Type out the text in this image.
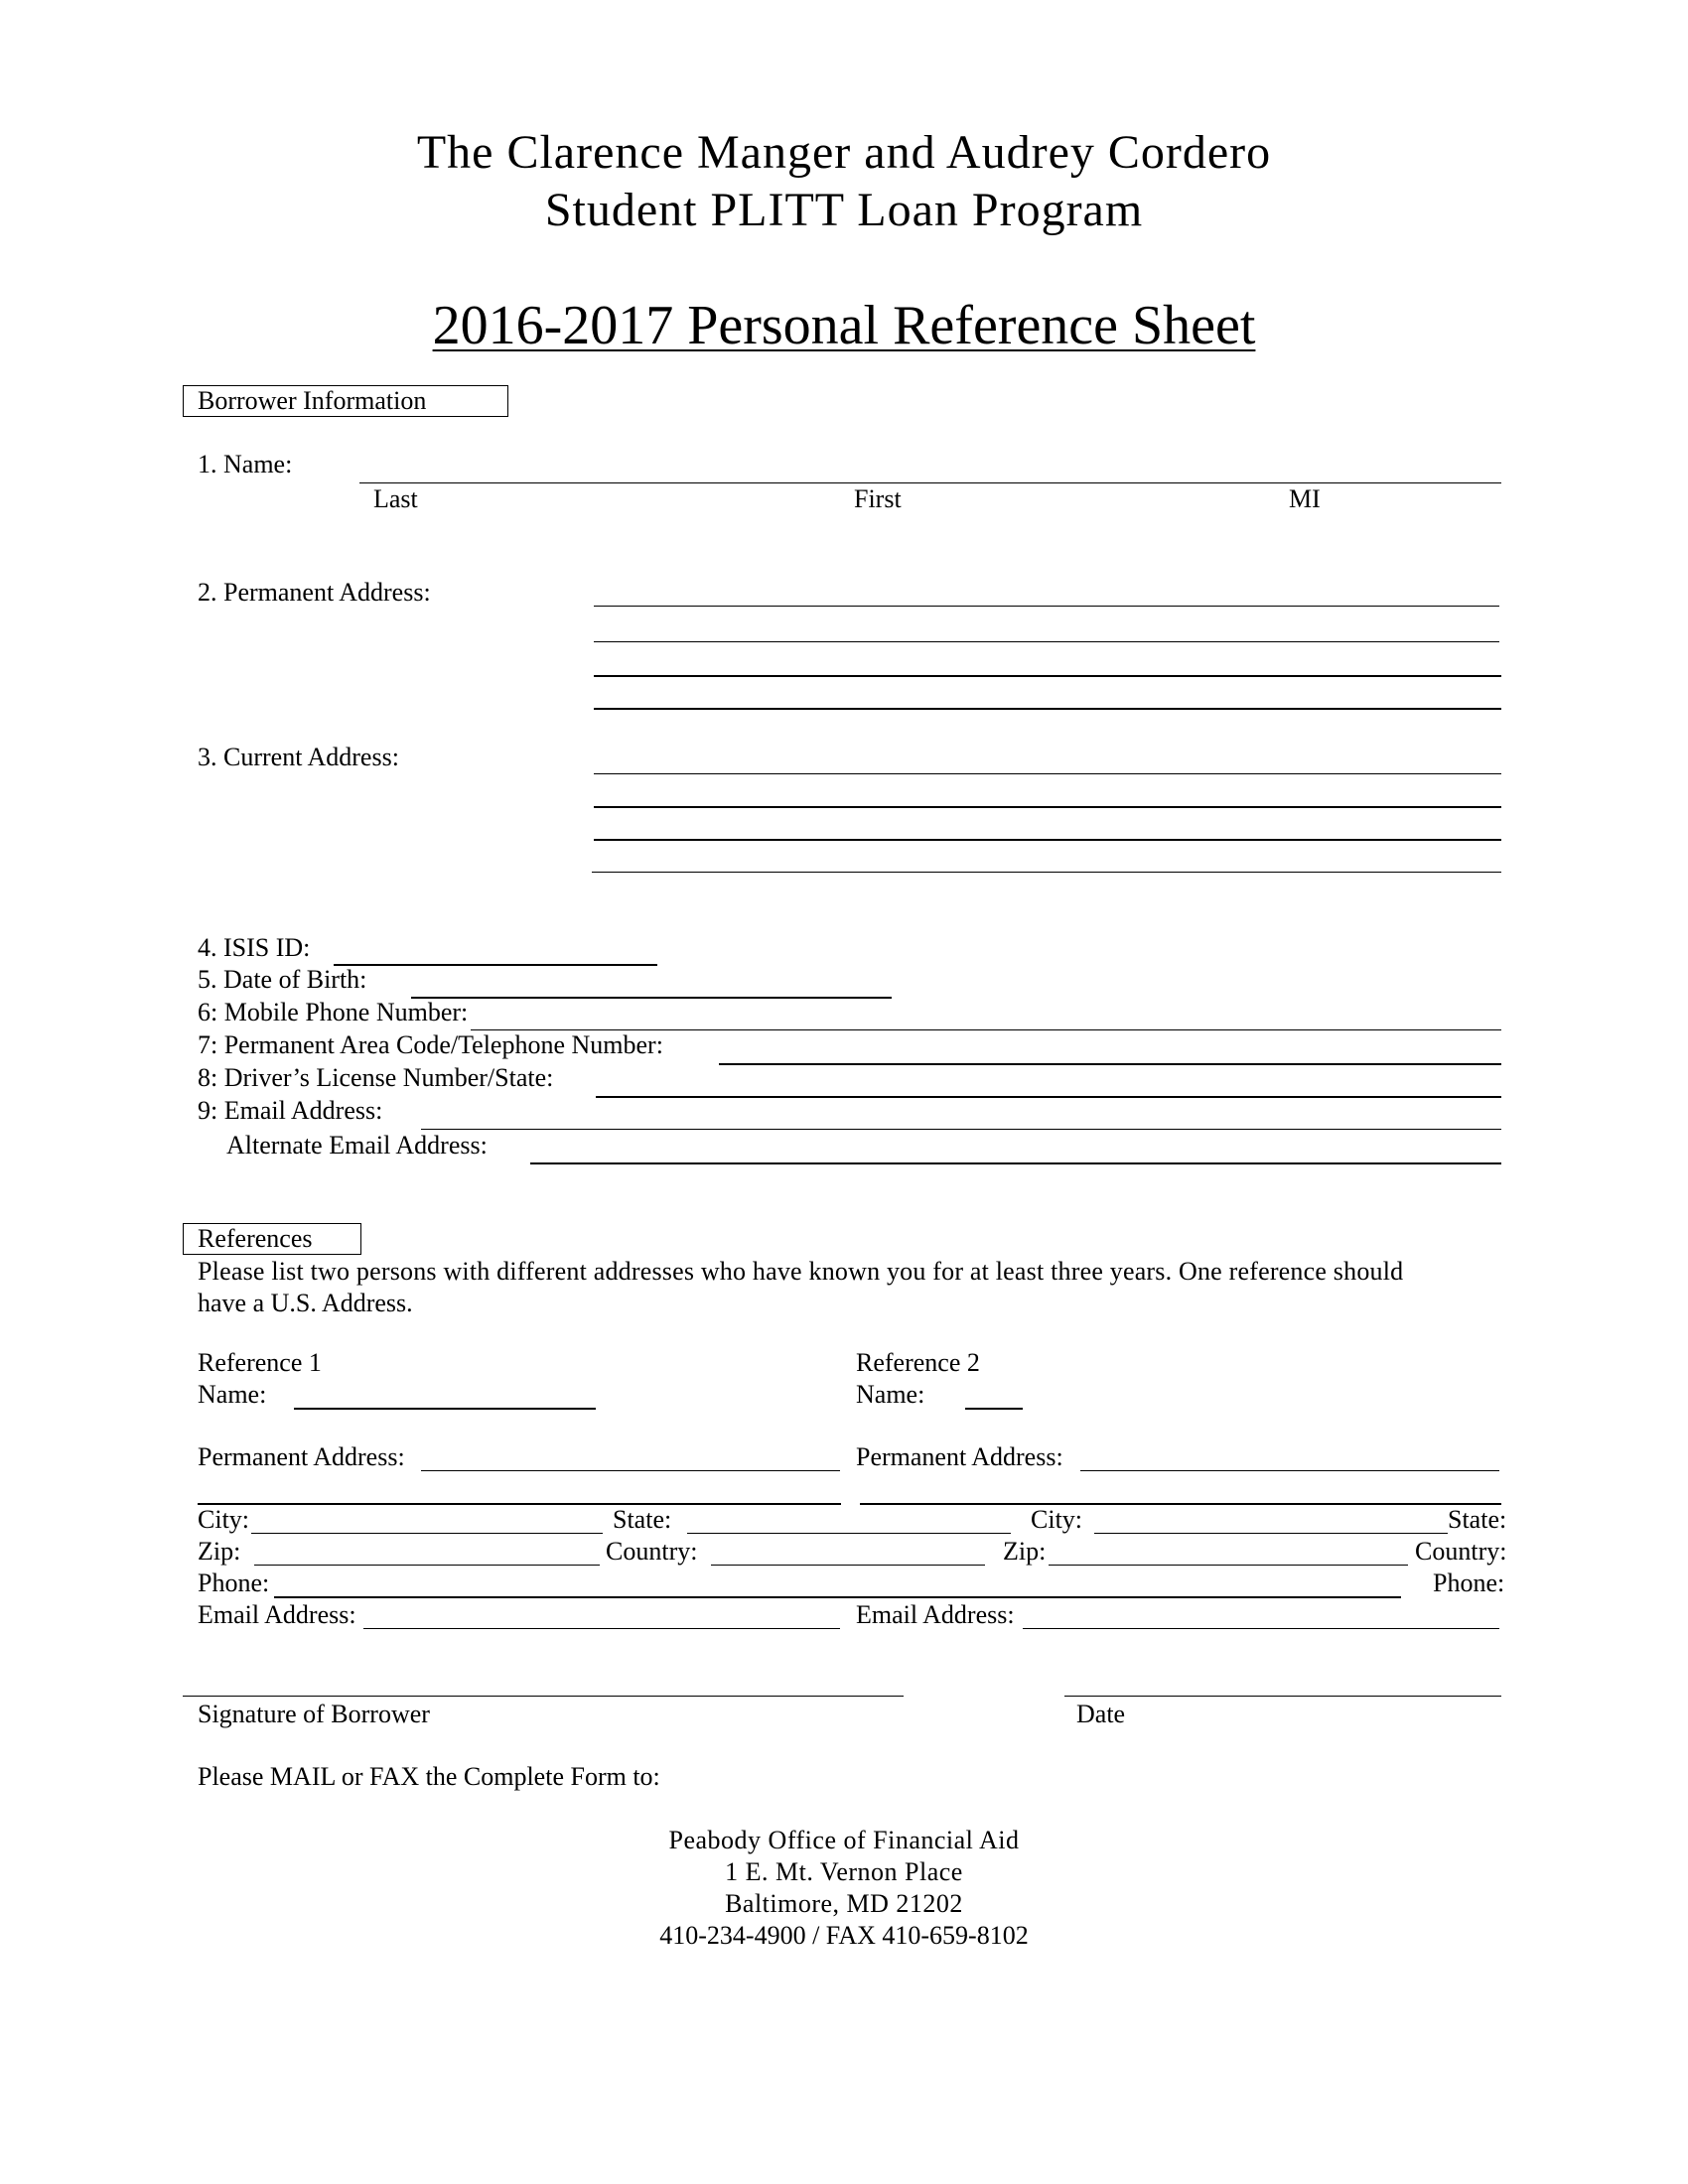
The Clarence Manger and Audrey Cordero
Student PLITT Loan Program
2016-2017 Personal Reference Sheet
Borrower Information
1. Name:
Last	First	MI
2. Permanent Address:
3. Current Address:
4. ISIS ID:
5. Date of Birth:
6: Mobile Phone Number:
7: Permanent Area Code/Telephone Number:
8: Driver’s License Number/State:
9: Email Address:
Alternate Email Address:
References
Please list two persons with different addresses who have known you for at least three years. One reference should
have a U.S. Address.
Reference 1
Name:
Permanent Address:
City:	State:
Zip:	Country:
Phone:
Email Address:
Reference 2
Name:
Permanent Address:
City:	State:
Zip:	Country:
Phone:
Email Address:
Signature of Borrower	Date
Please MAIL or FAX the Complete Form to:
Peabody Office of Financial Aid
1 E. Mt. Vernon Place
Baltimore, MD 21202
410-234-4900 / FAX 410-659-8102
